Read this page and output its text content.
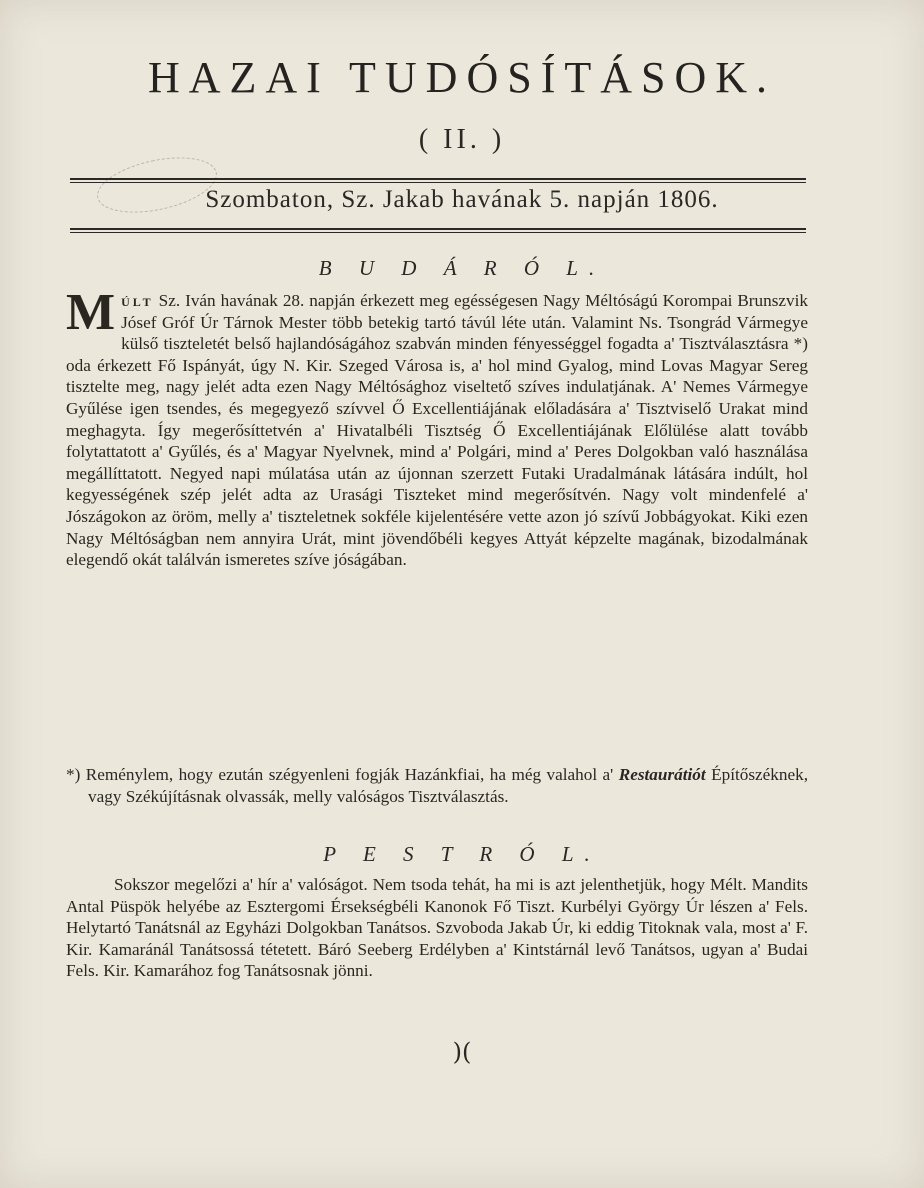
HAZAI TUDÓSÍTÁSOK.
( II. )
Szombaton, Sz. Jakab havának 5. napján 1806.
B U D Á R Ó L.
Múlt Sz. Iván havának 28. napján érkezett meg egésségesen Nagy Méltóságú Korompai Brunszvik Jósef Gróf Úr Tárnok Mester több betekig tartó távúl léte után. Valamint Ns. Tsongrád Vármegye külső tiszteletét belső hajlandóságához szabván minden fényességgel fogadta a' Tisztválasztásra *) oda érkezett Fő Ispányát, úgy N. Kir. Szeged Városa is, a' hol mind Gyalog, mind Lovas Magyar Sereg tisztelte meg, nagy jelét adta ezen Nagy Méltósághoz viseltető szíves indulatjának. A' Nemes Vármegye Gyűlése igen tsendes, és megegyező szívvel Ő Excellentiájának előladására a' Tisztviselő Urakat mind meghagyta. Így megerősíttetvén a' Hivatalbéli Tisztség Ő Excellentiájának Előlülése alatt tovább folytattatott a' Gyűlés, és a' Magyar Nyelvnek, mind a' Polgári, mind a' Peres Dolgokban való használása megállíttatott. Negyed napi múlatása után az újonnan szerzett Futaki Uradalmának látására indúlt, hol kegyességének szép jelét adta az Urasági Tiszteket mind megerősítvén. Nagy volt mindenfelé a' Jószágokon az öröm, melly a' tiszteletnek sokféle kijelentésére vette azon jó szívű Jobbágyokat. Kiki ezen Nagy Méltóságban nem annyira Urát, mint jövendőbéli kegyes Attyát képzelte magának, bizodalmának elegendő okát találván ismeretes szíve jóságában.
*) Reménylem, hogy ezután szégyenleni fogják Hazánkfiai, ha még valahol a' Restaurátiót Építőszéknek, vagy Székújításnak olvassák, melly valóságos Tisztválasztás.
P E S T R Ó L.
Sokszor megelőzi a' hír a' valóságot. Nem tsoda tehát, ha mi is azt jelenthetjük, hogy Mélt. Mandits Antal Püspök helyébe az Esztergomi Érsekségbéli Kanonok Fő Tiszt. Kurbélyi György Úr lészen a' Fels. Helytartó Tanátsnál az Egyházi Dolgokban Tanátsos. Szvoboda Jakab Úr, ki eddig Titoknak vala, most a' F. Kir. Kamaránál Tanátsossá tétetett. Báró Seeberg Erdélyben a' Kintstárnál levő Tanátsos, ugyan a' Budai Fels. Kir. Kamarához fog Tanátsosnak jönni.
)(
